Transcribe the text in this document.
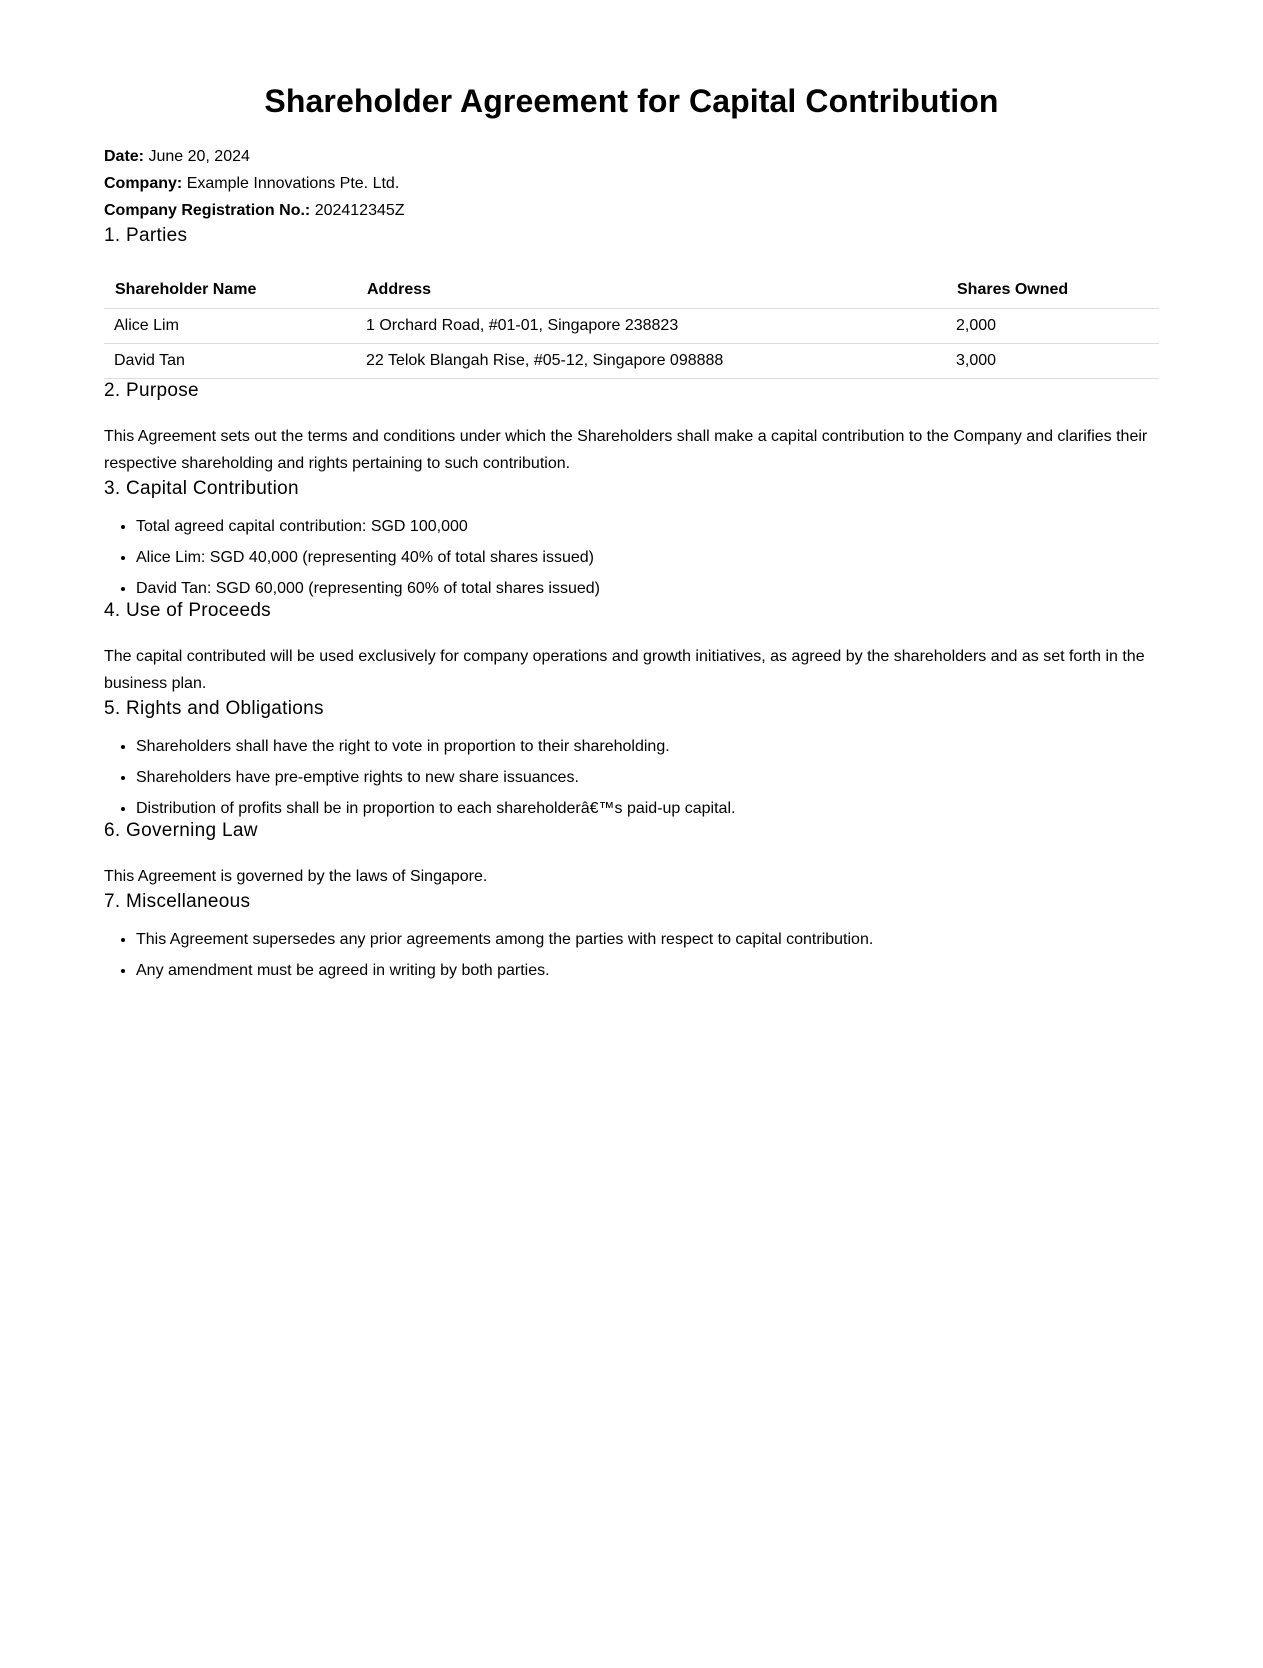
Shareholder Agreement for Capital Contribution
Date: June 20, 2024
Company: Example Innovations Pte. Ltd.
Company Registration No.: 202412345Z
1. Parties
Shareholder Name	Address	Shares Owned
Alice Lim	1 Orchard Road, #01-01, Singapore 238823	2,000
David Tan	22 Telok Blangah Rise, #05-12, Singapore 098888	3,000
2. Purpose

This Agreement sets out the terms and conditions under which the Shareholders shall make a capital contribution to the Company and clarifies their respective shareholding and rights pertaining to such contribution.

3. Capital Contribution
• Total agreed capital contribution: SGD 100,000
• Alice Lim: SGD 40,000 (representing 40% of total shares issued)
• David Tan: SGD 60,000 (representing 60% of total shares issued)
4. Use of Proceeds

The capital contributed will be used exclusively for company operations and growth initiatives, as agreed by the shareholders and as set forth in the business plan.

5. Rights and Obligations
• Shareholders shall have the right to vote in proportion to their shareholding.
• Shareholders have pre-emptive rights to new share issuances.
• Distribution of profits shall be in proportion to each shareholderâ€™s paid-up capital.
6. Governing Law

This Agreement is governed by the laws of Singapore.

7. Miscellaneous
• This Agreement supersedes any prior agreements among the parties with respect to capital contribution.
• Any amendment must be agreed in writing by both parties.
